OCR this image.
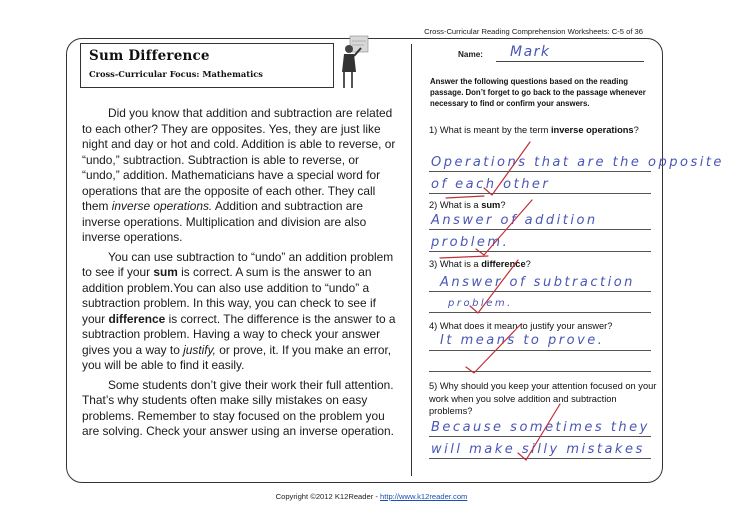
Cross-Curricular Reading Comprehension Worksheets: C-5 of 36
Sum Difference
Cross-Curricular Focus: Mathematics

Did you know that addition and subtraction are related to each other? They are opposites. Yes, they are just like night and day or hot and cold. Addition is able to reverse, or “undo,” subtraction. Subtraction is able to reverse, or “undo,” addition. Mathematicians have a special word for operations that are the opposite of each other. They call them inverse operations. Addition and subtraction are inverse operations. Multiplication and division are also inverse operations.

You can use subtraction to “undo” an addition problem to see if your sum is correct. A sum is the answer to an addition problem.You can also use addition to “undo” a subtraction problem. In this way, you can check to see if your difference is correct. The difference is the answer to a subtraction problem. Having a way to check your answer gives you a way to justify, or prove, it. If you make an error, you will be able to find it easily.

Some students don’t give their work their full attention. That’s why students often make silly mistakes on easy problems. Remember to stay focused on the problem you are solving. Check your answer using an inverse operation.

Name: Mark
Answer the following questions based on the reading passage. Don’t forget to go back to the passage whenever necessary to find or confirm your answers.
1) What is meant by the term inverse operations?
Operations that are the opposite
of each other
2) What is a sum?
Answer of addition
problem.
3) What is a difference?
Answer of subtraction
problem.
4) What does it mean to justify your answer?
It means to prove.
5) Why should you keep your attention focused on your work when you solve addition and subtraction problems?
Because sometimes they
will make silly mistakes
Copyright ©2012 K12Reader - http://www.k12reader.com
